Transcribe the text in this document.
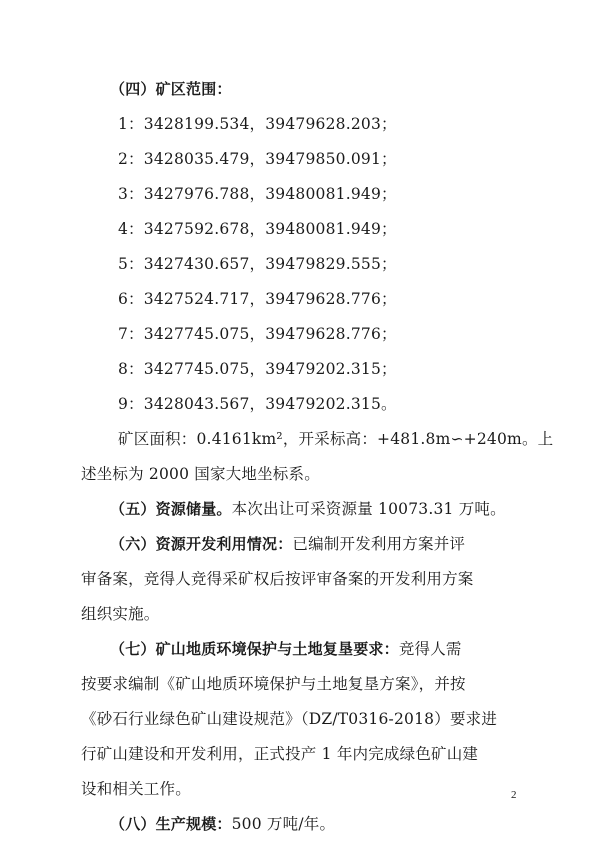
（四）矿区范围：
1：3428199.534，39479628.203；
2：3428035.479，39479850.091；
3：3427976.788，39480081.949；
4：3427592.678，39480081.949；
5：3427430.657，39479829.555；
6：3427524.717，39479628.776；
7：3427745.075，39479628.776；
8：3427745.075，39479202.315；
9：3428043.567，39479202.315。
矿区面积：0.4161km²，开采标高：+481.8m∽+240m。上
述坐标为 2000 国家大地坐标系。
（五）资源储量。本次出让可采资源量 10073.31 万吨。
（六）资源开发利用情况：已编制开发利用方案并评
审备案，竞得人竞得采矿权后按评审备案的开发利用方案
组织实施。
（七）矿山地质环境保护与土地复垦要求：竞得人需
按要求编制《矿山地质环境保护与土地复垦方案》，并按
《砂石行业绿色矿山建设规范》（DZ/T0316-2018）要求进
行矿山建设和开发利用，正式投产 1 年内完成绿色矿山建
设和相关工作。
（八）生产规模：500 万吨/年。
2
